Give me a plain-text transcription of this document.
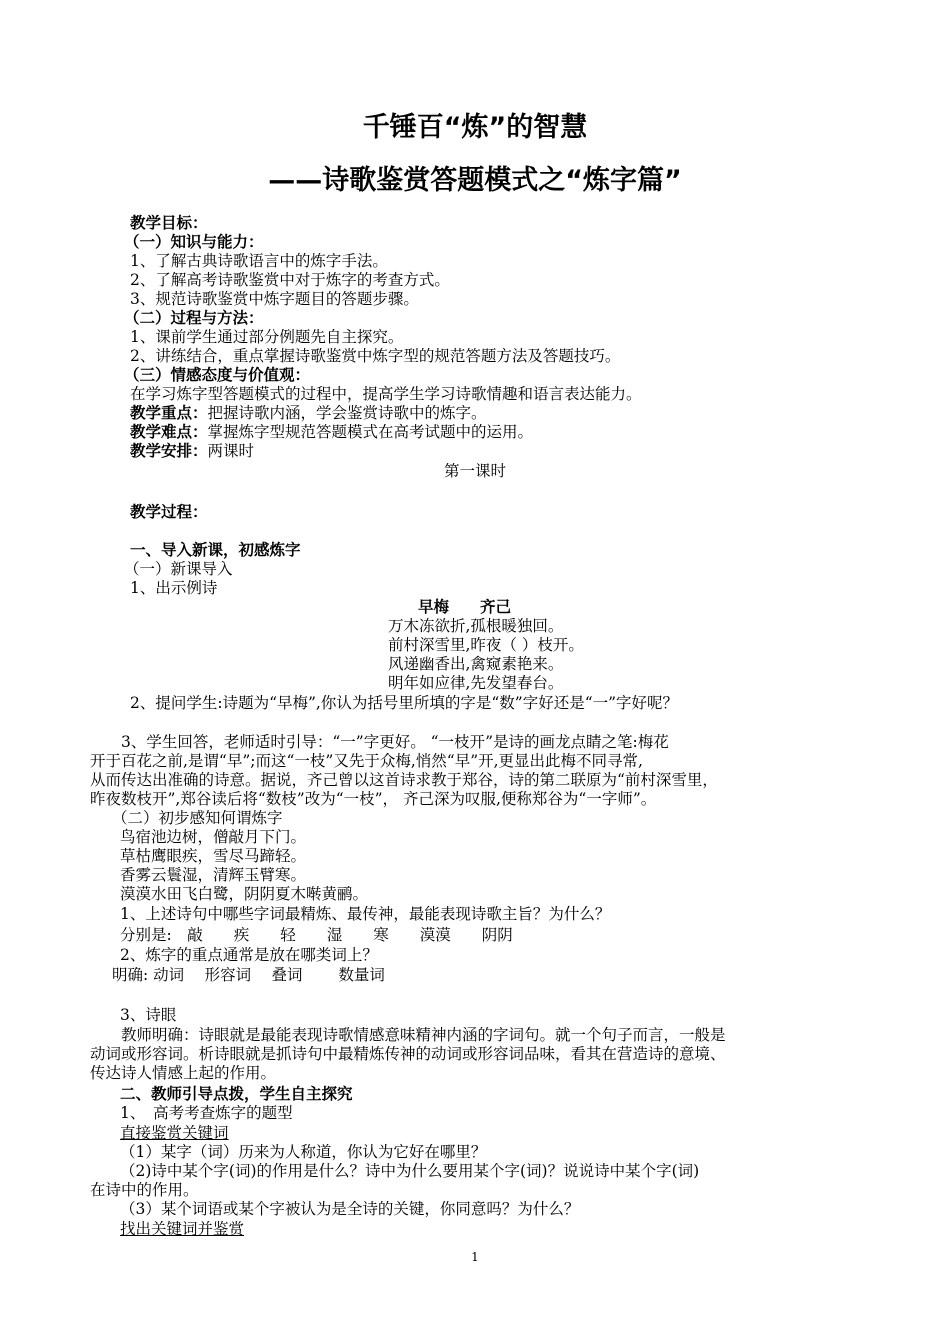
千锤百“炼”的智慧
——诗歌鉴赏答题模式之“炼字篇”
教学目标：
（一）知识与能力：
1、了解古典诗歌语言中的炼字手法。
2、了解高考诗歌鉴赏中对于炼字的考查方式。
3、规范诗歌鉴赏中炼字题目的答题步骤。
（二）过程与方法：
1、课前学生通过部分例题先自主探究。
2、讲练结合，重点掌握诗歌鉴赏中炼字型的规范答题方法及答题技巧。
（三）情感态度与价值观：
在学习炼字型答题模式的过程中，提高学生学习诗歌情趣和语言表达能力。
教学重点：把握诗歌内涵，学会鉴赏诗歌中的炼字。
教学难点：掌握炼字型规范答题模式在高考试题中的运用。
教学安排：两课时
第一课时
教学过程：
一、导入新课，初感炼字
（一）新课导入
1、出示例诗
早梅　　齐己
万木冻欲折,孤根暖独回。
前村深雪里,昨夜（ ）枝开。
风递幽香出,禽窥素艳来。
明年如应律,先发望春台。
2、提问学生:诗题为“早梅”,你认为括号里所填的字是“数”字好还是“一”字好呢？
　　3、学生回答，老师适时引导：“一”字更好。 “一枝开”是诗的画龙点睛之笔:梅花
开于百花之前,是谓“早”;而这“一枝”又先于众梅,悄然“早”开,更显出此梅不同寻常,
从而传达出准确的诗意。据说，齐己曾以这首诗求教于郑谷，诗的第二联原为“前村深雪里，
昨夜数枝开”,郑谷读后将“数枝”改为“一枝”， 齐己深为叹服,便称郑谷为“一字师”。
（二）初步感知何谓炼字
鸟宿池边树，僧敲月下门。
草枯鹰眼疾，雪尽马蹄轻。
香雾云鬟湿，清辉玉臂寒。
漠漠水田飞白鹭，阴阴夏木啭黄鹂。
1、上述诗句中哪些字词最精炼、最传神，最能表现诗歌主旨？为什么？
分别是:　敲　　疾　　轻　　湿　　寒　　漠漠　　阴阴
2、炼字的重点通常是放在哪类词上？
明确: 动词　 形容词　 叠词　　 数量词
3、诗眼
　　教师明确：诗眼就是最能表现诗歌情感意味精神内涵的字词句。就一个句子而言，一般是
动词或形容词。析诗眼就是抓诗句中最精炼传神的动词或形容词品味，看其在营造诗的意境、
传达诗人情感上起的作用。
二、教师引导点拨，学生自主探究
1、　高考考查炼字的题型
直接鉴赏关键词
（1）某字（词）历来为人称道，你认为它好在哪里？
（2)诗中某个字(词)的作用是什么？诗中为什么要用某个字(词)？说说诗中某个字(词)
在诗中的作用。
（3）某个词语或某个字被认为是全诗的关键，你同意吗？为什么？
找出关键词并鉴赏
1
